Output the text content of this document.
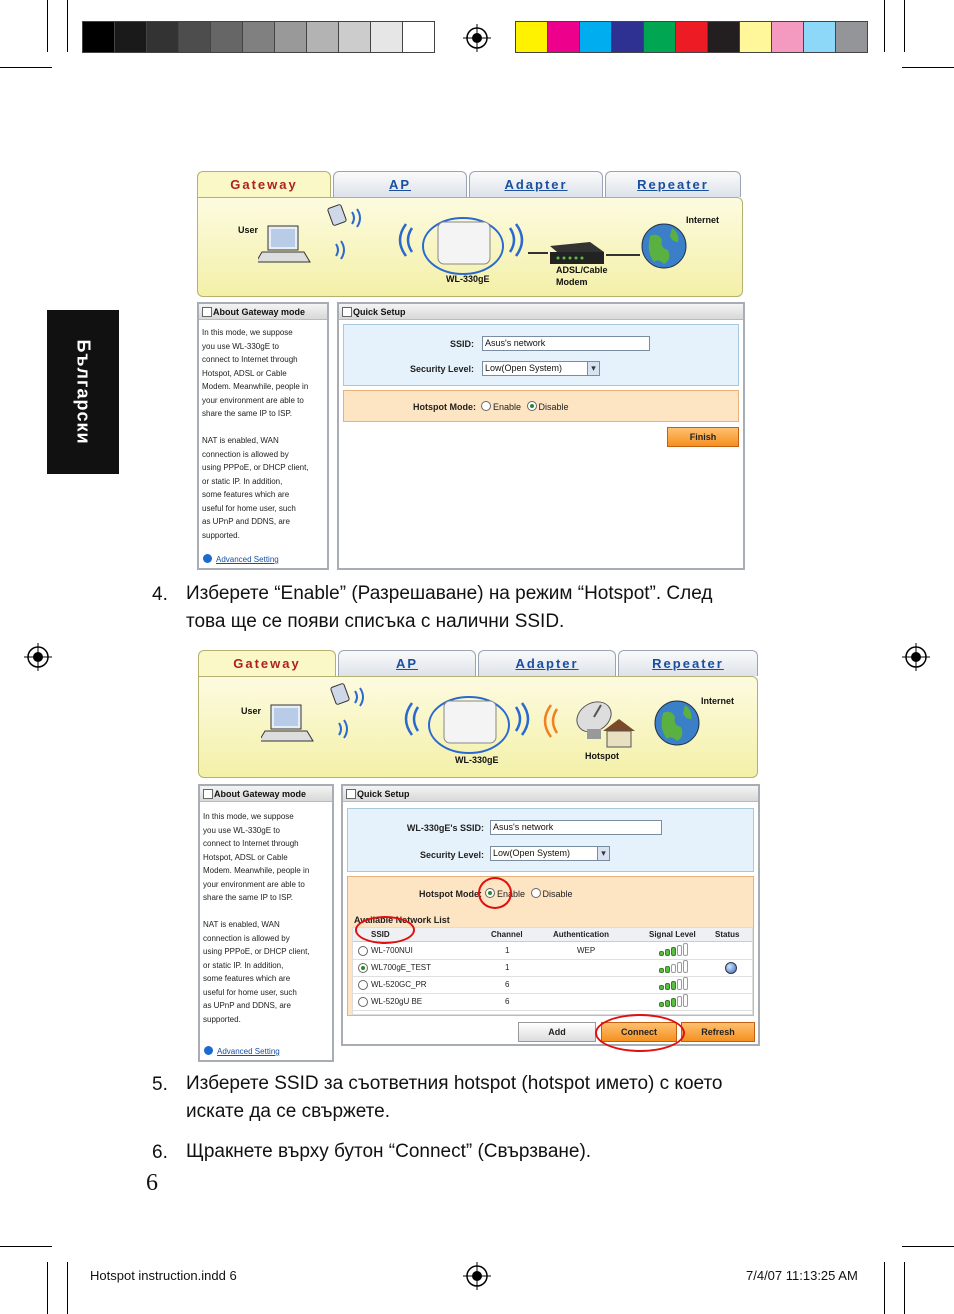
Български
Gateway	AP	Adapter	Repeater
User
WL-330gE
ADSL/Cable Modem
Internet
About Gateway mode
In this mode, we suppose
you use WL-330gE to
connect to Internet through
Hotspot, ADSL or Cable
Modem. Meanwhile, people in
your environment are able to
share the same IP to ISP.

NAT is enabled, WAN
connection is allowed by
using PPPoE, or DHCP client,
or static IP. In addition,
some features which are
useful for home user, such
as UPnP and DDNS, are
supported.
Advanced Setting
Quick Setup
SSID:	Asus's network
Security Level:	Low(Open System) ▾
Hotspot Mode:	Enable Disable
Finish
4. Изберете “Enable” (Разрешаване) на режим “Hotspot”. След
това ще се появи списъка с налични SSID.
Gateway	AP	Adapter	Repeater
User
WL-330gE	Hotspot
Internet
About Gateway mode
In this mode, we suppose
you use WL-330gE to
connect to Internet through
Hotspot, ADSL or Cable
Modem. Meanwhile, people in
your environment are able to
share the same IP to ISP.

NAT is enabled, WAN
connection is allowed by
using PPPoE, or DHCP client,
or static IP. In addition,
some features which are
useful for home user, such
as UPnP and DDNS, are
supported.
Advanced Setting
Quick Setup
WL-330gE's SSID:	Asus's network
Security Level:	Low(Open System) ▾
Hotspot Mode:	Enable Disable
Available Network List
SSID	Channel	Authentication	Signal Level Status
WL-700NUI	1	WEP
WL700gE_TEST	1
WL-520GC_PR	6
WL-520gU BE	6
Add	Connect	Refresh
5. Изберете SSID за съответния hotspot (hotspot името) с което
искате да се свържете.
6. Щракнете върху бутон “Connect” (Свързване).
6
Hotspot instruction.indd 6	7/4/07 11:13:25 AM
